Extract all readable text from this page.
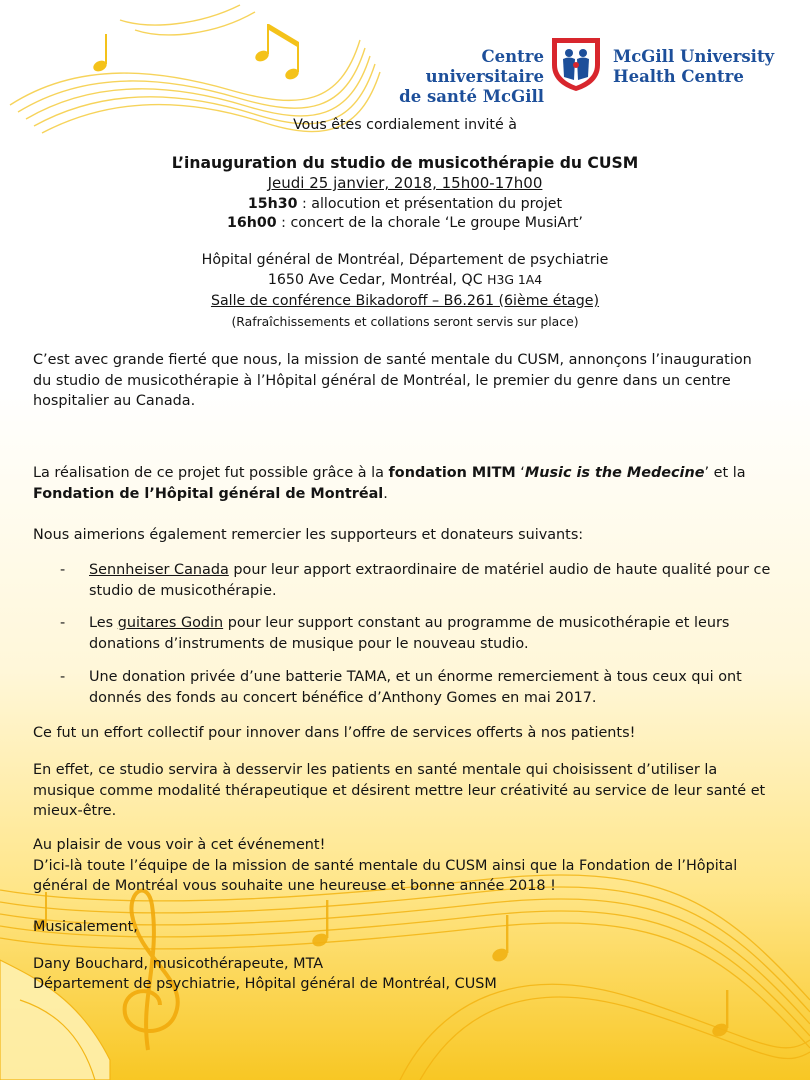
Centre universitaire
de santé McGill
McGill University
Health Centre
Vous êtes cordialement invité à
L’inauguration du studio de musicothérapie du CUSM
Jeudi 25 janvier, 2018, 15h00-17h00
15h30 : allocution et présentation du projet
16h00 : concert de la chorale ‘Le groupe MusiArt’
Hôpital général de Montréal, Département de psychiatrie
1650 Ave Cedar, Montréal, QC H3G 1A4
Salle de conférence Bikadoroff – B6.261 (6ième étage)
(Rafraîchissements et collations seront servis sur place)
C’est avec grande fierté que nous, la mission de santé mentale du CUSM, annonçons l’inauguration du studio de musicothérapie à l’Hôpital général de Montréal, le premier du genre dans un centre hospitalier au Canada.
La réalisation de ce projet fut possible grâce à la fondation MITM ‘Music is the Medecine’ et la Fondation de l’Hôpital général de Montréal.
Nous aimerions également remercier les supporteurs et donateurs suivants:
- Sennheiser Canada pour leur apport extraordinaire de matériel audio de haute qualité pour ce studio de musicothérapie.
- Les guitares Godin pour leur support constant au programme de musicothérapie et leurs donations d’instruments de musique pour le nouveau studio.
- Une donation privée d’une batterie TAMA, et un énorme remerciement à tous ceux qui ont donnés des fonds au concert bénéfice d’Anthony Gomes en mai 2017.
Ce fut un effort collectif pour innover dans l’offre de services offerts à nos patients!
En effet, ce studio servira à desservir les patients en santé mentale qui choisissent d’utiliser la musique comme modalité thérapeutique et désirent mettre leur créativité au service de leur santé et mieux-être.
Au plaisir de vous voir à cet événement!
D’ici-là toute l’équipe de la mission de santé mentale du CUSM ainsi que la Fondation de l’Hôpital général de Montréal vous souhaite une heureuse et bonne année 2018 !
Musicalement,
Dany Bouchard, musicothérapeute, MTA
Département de psychiatrie, Hôpital général de Montréal, CUSM
